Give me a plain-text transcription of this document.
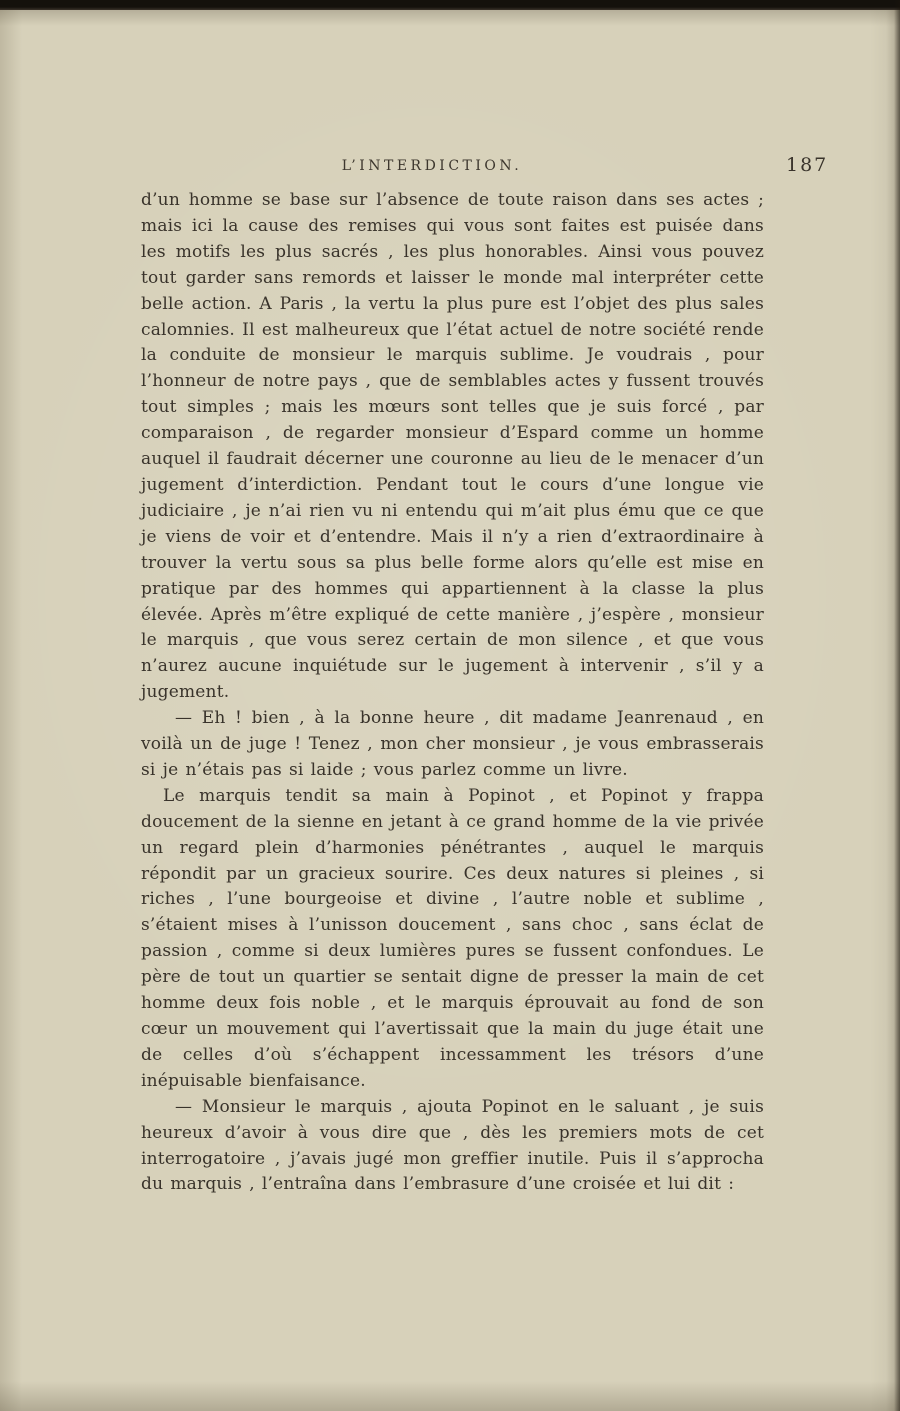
L’INTERDICTION.	187

d’un homme se base sur l’absence de toute raison dans ses actes ; mais ici la cause des remises qui vous sont faites est puisée dans les motifs les plus sacrés , les plus honorables. Ainsi vous pouvez tout garder sans remords et laisser le monde mal interpréter cette belle action. A Paris , la vertu la plus pure est l’objet des plus sales calomnies. Il est malheureux que l’état actuel de notre société rende la conduite de monsieur le marquis sublime. Je voudrais , pour l’honneur de notre pays , que de semblables actes y fussent trouvés tout simples ; mais les mœurs sont telles que je suis forcé , par comparaison , de regarder monsieur d’Espard comme un homme auquel il faudrait décerner une couronne au lieu de le menacer d’un jugement d’interdiction. Pendant tout le cours d’une longue vie judiciaire , je n’ai rien vu ni entendu qui m’ait plus ému que ce que je viens de voir et d’entendre. Mais il n’y a rien d’extraordinaire à trouver la vertu sous sa plus belle forme alors qu’elle est mise en pratique par des hommes qui appartiennent à la classe la plus élevée. Après m’être expliqué de cette manière , j’espère , monsieur le marquis , que vous serez certain de mon silence , et que vous n’aurez aucune inquiétude sur le jugement à intervenir , s’il y a jugement.

— Eh ! bien , à la bonne heure , dit madame Jeanrenaud , en voilà un de juge ! Tenez , mon cher monsieur , je vous embrasserais si je n’étais pas si laide ; vous parlez comme un livre.

Le marquis tendit sa main à Popinot , et Popinot y frappa doucement de la sienne en jetant à ce grand homme de la vie privée un regard plein d’harmonies pénétrantes , auquel le marquis répondit par un gracieux sourire. Ces deux natures si pleines , si riches , l’une bourgeoise et divine , l’autre noble et sublime , s’étaient mises à l’unisson doucement , sans choc , sans éclat de passion , comme si deux lumières pures se fussent confondues. Le père de tout un quartier se sentait digne de presser la main de cet homme deux fois noble , et le marquis éprouvait au fond de son cœur un mouvement qui l’avertissait que la main du juge était une de celles d’où s’échappent incessamment les trésors d’une inépuisable bienfaisance.

— Monsieur le marquis , ajouta Popinot en le saluant , je suis heureux d’avoir à vous dire que , dès les premiers mots de cet interrogatoire , j’avais jugé mon greffier inutile. Puis il s’approcha du marquis , l’entraîna dans l’embrasure d’une croisée et lui dit :
